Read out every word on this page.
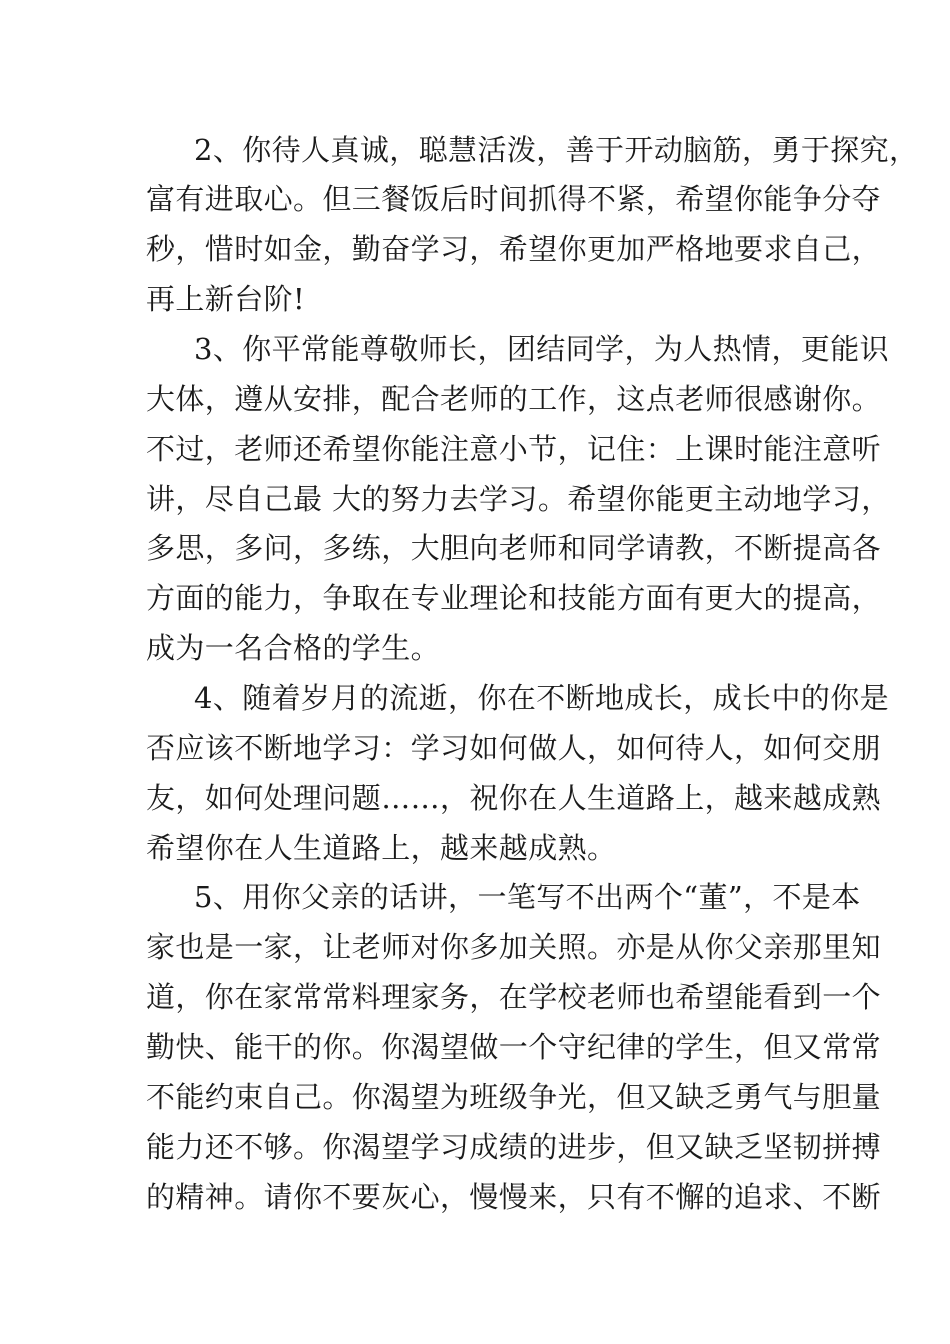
2、你待人真诚，聪慧活泼，善于开动脑筋，勇于探究，
富有进取心。但三餐饭后时间抓得不紧，希望你能争分夺
秒，惜时如金，勤奋学习，希望你更加严格地要求自己，
再上新台阶!
3、你平常能尊敬师长，团结同学，为人热情，更能识
大体，遵从安排，配合老师的工作，这点老师很感谢你。
不过，老师还希望你能注意小节，记住：上课时能注意听
讲，尽自己最 大的努力去学习。希望你能更主动地学习，
多思，多问，多练，大胆向老师和同学请教，不断提高各
方面的能力，争取在专业理论和技能方面有更大的提高，
成为一名合格的学生。
4、随着岁月的流逝，你在不断地成长，成长中的你是
否应该不断地学习：学习如何做人，如何待人，如何交朋
友，如何处理问题……，祝你在人生道路上，越来越成熟
希望你在人生道路上，越来越成熟。
5、用你父亲的话讲，一笔写不出两个“董”，不是本
家也是一家，让老师对你多加关照。亦是从你父亲那里知
道，你在家常常料理家务，在学校老师也希望能看到一个
勤快、能干的你。你渴望做一个守纪律的学生，但又常常
不能约束自己。你渴望为班级争光，但又缺乏勇气与胆量
能力还不够。你渴望学习成绩的进步，但又缺乏坚韧拼搏
的精神。请你不要灰心，慢慢来，只有不懈的追求、不断
